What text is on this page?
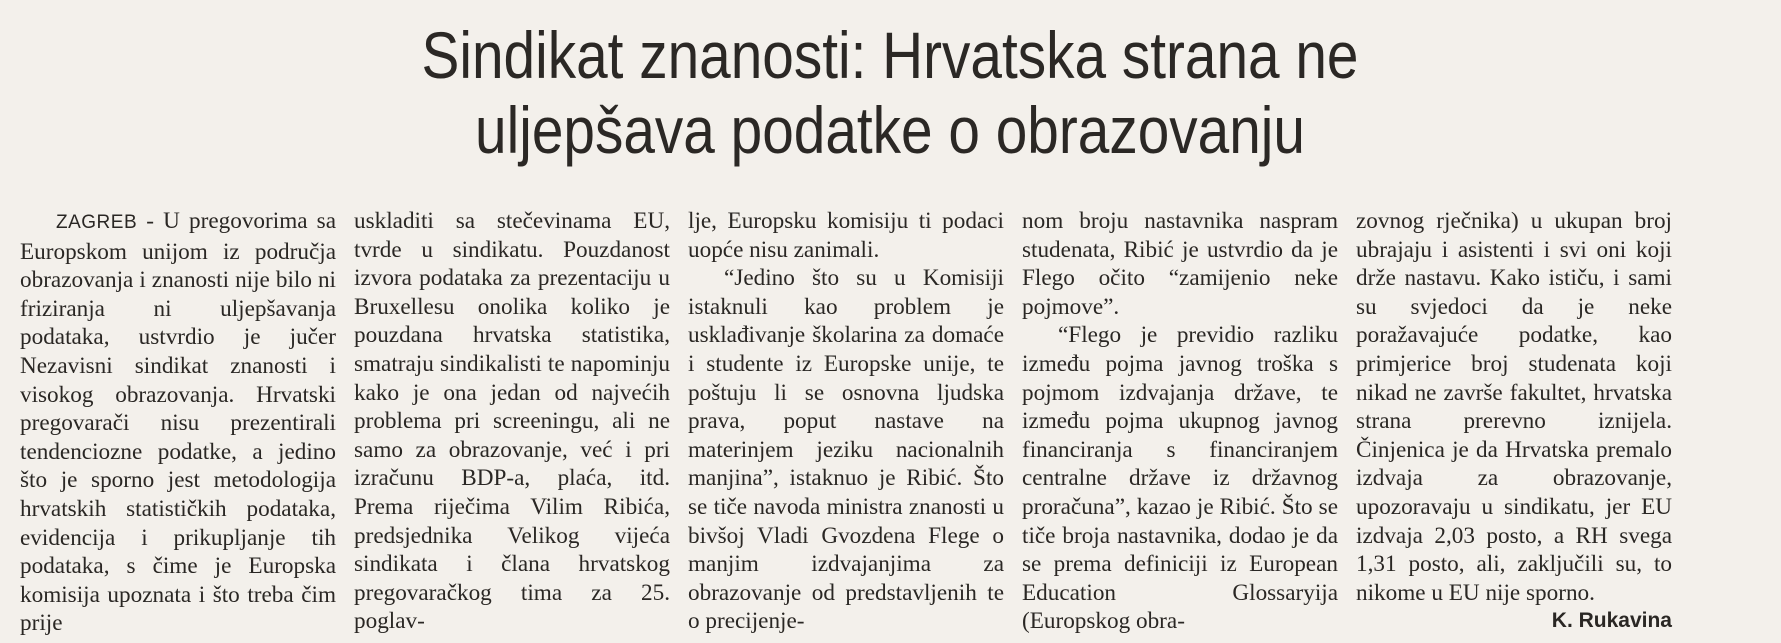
Sindikat znanosti: Hrvatska strana ne
uljepšava podatke o obrazovanju

ZAGREB - U pregovorima sa Europskom unijom iz područja obrazovanja i znanosti nije bilo ni friziranja ni uljepšavanja podataka, ustvrdio je jučer Nezavisni sindikat znanosti i visokog obrazovanja. Hrvatski pregovarači nisu prezentirali tendenciozne podatke, a jedino što je sporno jest metodologija hrvatskih statističkih podataka, evidencija i prikupljanje tih podataka, s čime je Europska komisija upoznata i što treba čim prije

uskladiti sa stečevinama EU, tvrde u sindikatu. Pouzdanost izvora podataka za prezentaciju u Bruxellesu onolika koliko je pouzdana hrvatska statistika, smatraju sindikalisti te napominju kako je ona jedan od najvećih problema pri screeningu, ali ne samo za obrazovanje, već i pri izračunu BDP-a, plaća, itd. Prema riječima Vilim Ribića, predsjednika Velikog vijeća sindikata i člana hrvatskog pregovaračkog tima za 25. poglav-

lje, Europsku komisiju ti podaci uopće nisu zanimali.

“Jedino što su u Komisiji istaknuli kao problem je usklađivanje školarina za domaće i studente iz Europske unije, te poštuju li se osnovna ljudska prava, poput nastave na materinjem jeziku nacionalnih manjina”, istaknuo je Ribić. Što se tiče navoda ministra znanosti u bivšoj Vladi Gvozdena Flege o manjim izdvajanjima za obrazovanje od predstavljenih te o precijenje-

nom broju nastavnika naspram studenata, Ribić je ustvrdio da je Flego očito “zamijenio neke pojmove”.

“Flego je previdio razliku između pojma javnog troška s pojmom izdvajanja države, te između pojma ukupnog javnog financiranja s financiranjem centralne države iz državnog proračuna”, kazao je Ribić. Što se tiče broja nastavnika, dodao je da se prema definiciji iz European Education Glossaryija (Europskog obra-

zovnog rječnika) u ukupan broj ubrajaju i asistenti i svi oni koji drže nastavu. Kako ističu, i sami su svjedoci da je neke poražavajuće podatke, kao primjerice broj studenata koji nikad ne završe fakultet, hrvatska strana prerevno iznijela. Činjenica je da Hrvatska premalo izdvaja za obrazovanje, upozoravaju u sindikatu, jer EU izdvaja 2,03 posto, a RH svega 1,31 posto, ali, zaključili su, to nikome u EU nije sporno.
K. Rukavina
